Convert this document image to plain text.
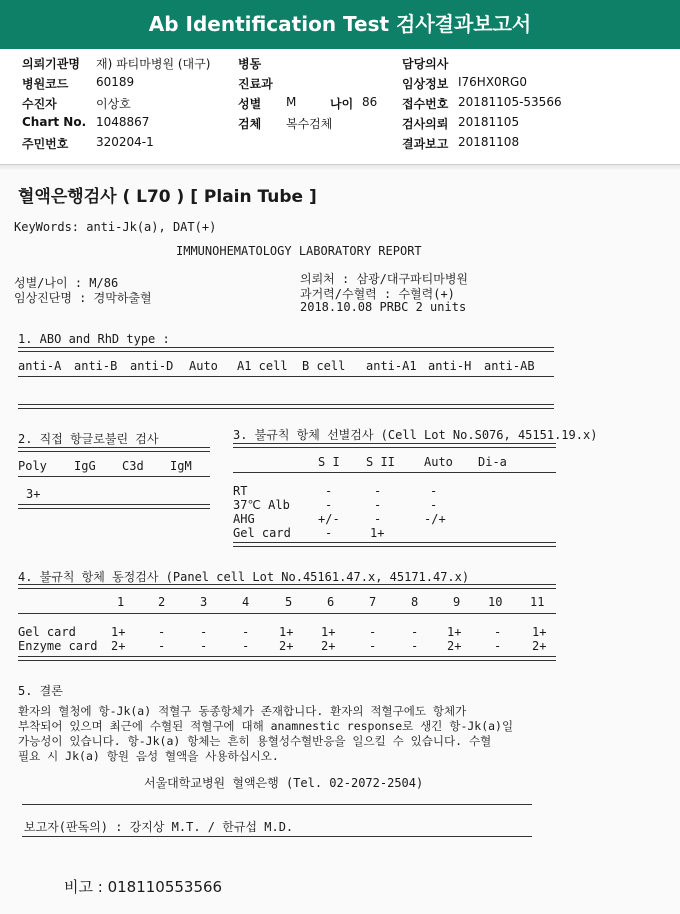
Ab Identification Test 검사결과보고서
의뢰기관명 재) 파티마병원 (대구)
병원코드 60189
수진자	이상호
Chart No. 1048867
주민번호 320204-1
병동
진료과
성별 M	나이 86
검체 복수검체
담당의사
임상정보 I76HX0RG0
접수번호 20181105-53566
검사의뢰 20181105
결과보고 20181108
혈액은행검사 ( L70 ) [ Plain Tube ]
KeyWords: anti-Jk(a), DAT(+)
IMMUNOHEMATOLOGY LABORATORY REPORT
성별/나이 : M/86
임상진단명 : 경막하출혈
의뢰처 : 삼광/대구파티마병원
과거력/수혈력 : 수혈력(+)
2018.10.08 PRBC 2 units
1. ABO and RhD type :
anti-A anti-B anti-D Auto A1 cell B cell anti-A1 anti-H anti-AB
2. 직접 항글로불린 검사
Poly IgG C3d IgM
3+
3. 불규칙 항체 선별검사 (Cell Lot No.S076, 45151.19.x)
S I S II Auto Di-a
RT	-	-	-
37℃ Alb	-	-	-
AHG	+/-	-	-/+
Gel card	-	1+
4. 불규칙 항체 동정검사 (Panel cell Lot No.45161.47.x, 45171.47.x)
1	2	3	4	5	6	7	8	9 10 11
Gel card	1+	-	-	- 1+ 1+	-	- 1+	-	1+
Enzyme card 2+	-	-	- 2+ 2+	-	- 2+	-	2+
5. 결론
환자의 혈청에 항-Jk(a) 적혈구 동종항체가 존재합니다. 환자의 적혈구에도 항체가
부착되어 있으며 최근에 수혈된 적혈구에 대해 anamnestic response로 생긴 항-Jk(a)일
가능성이 있습니다. 항-Jk(a) 항체는 흔히 용혈성수혈반응을 일으킬 수 있습니다. 수혈
필요 시 Jk(a) 항원 음성 혈액을 사용하십시오.
서울대학교병원 혈액은행 (Tel. 02-2072-2504)
보고자(판독의) : 강지상 M.T. / 한규섭 M.D.
비고 : 018110553566
